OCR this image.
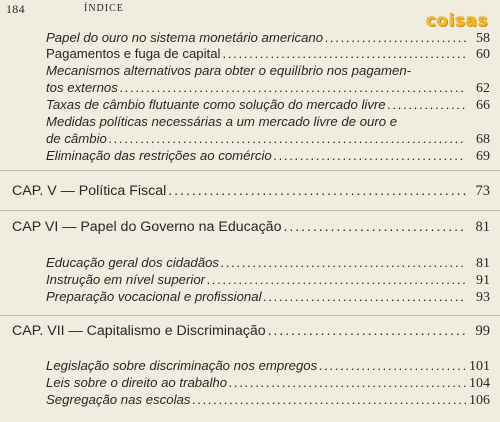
184	ÍNDICE
coisas
Papel do ouro no sistema monetário americano . . .	58
Pagamentos e fuga de capital . . .	60
Mecanismos alternativos para obter o equilíbrio nos pagamen-
tos externos . . .	62
Taxas de câmbio flutuante como solução do mercado livre . . .	66
Medidas políticas necessárias a um mercado livre de ouro e
de câmbio . . .	68
Eliminação das restrições ao comércio . . .	69
CAP. V — Política Fiscal . . .	73
CAP VI — Papel do Governo na Educação . . .	81
Educação geral dos cidadãos . . .	81
Instrução em nível superior . . .	91
Preparação vocacional e profissional . . .	93
CAP. VII — Capitalismo e Discriminação . . .	99
Legislação sobre discriminação nos empregos . . .	101
Leis sobre o direito ao trabalho . . .	104
Segregação nas escolas . . .	106
